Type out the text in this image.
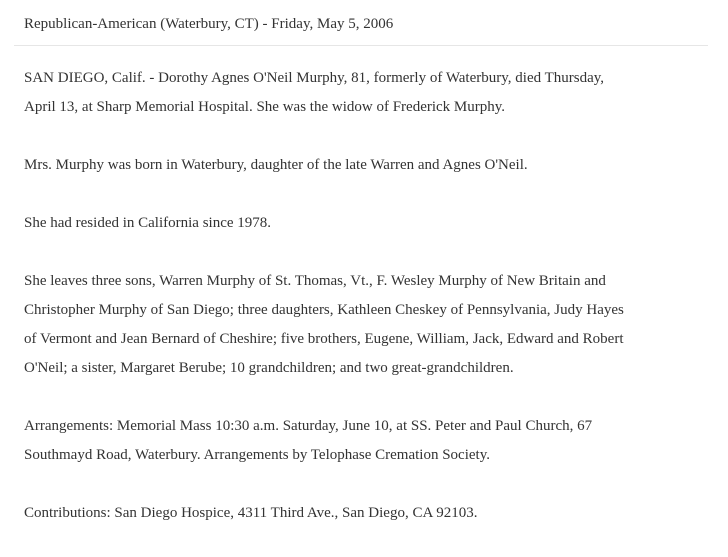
Republican-American (Waterbury, CT) - Friday, May 5, 2006

SAN DIEGO, Calif. - Dorothy Agnes O'Neil Murphy, 81, formerly of Waterbury, died Thursday,
April 13, at Sharp Memorial Hospital. She was the widow of Frederick Murphy.

Mrs. Murphy was born in Waterbury, daughter of the late Warren and Agnes O'Neil.

She had resided in California since 1978.

She leaves three sons, Warren Murphy of St. Thomas, Vt., F. Wesley Murphy of New Britain and
Christopher Murphy of San Diego; three daughters, Kathleen Cheskey of Pennsylvania, Judy Hayes
of Vermont and Jean Bernard of Cheshire; five brothers, Eugene, William, Jack, Edward and Robert
O'Neil; a sister, Margaret Berube; 10 grandchildren; and two great-grandchildren.

Arrangements: Memorial Mass 10:30 a.m. Saturday, June 10, at SS. Peter and Paul Church, 67
Southmayd Road, Waterbury. Arrangements by Telophase Cremation Society.

Contributions: San Diego Hospice, 4311 Third Ave., San Diego, CA 92103.
